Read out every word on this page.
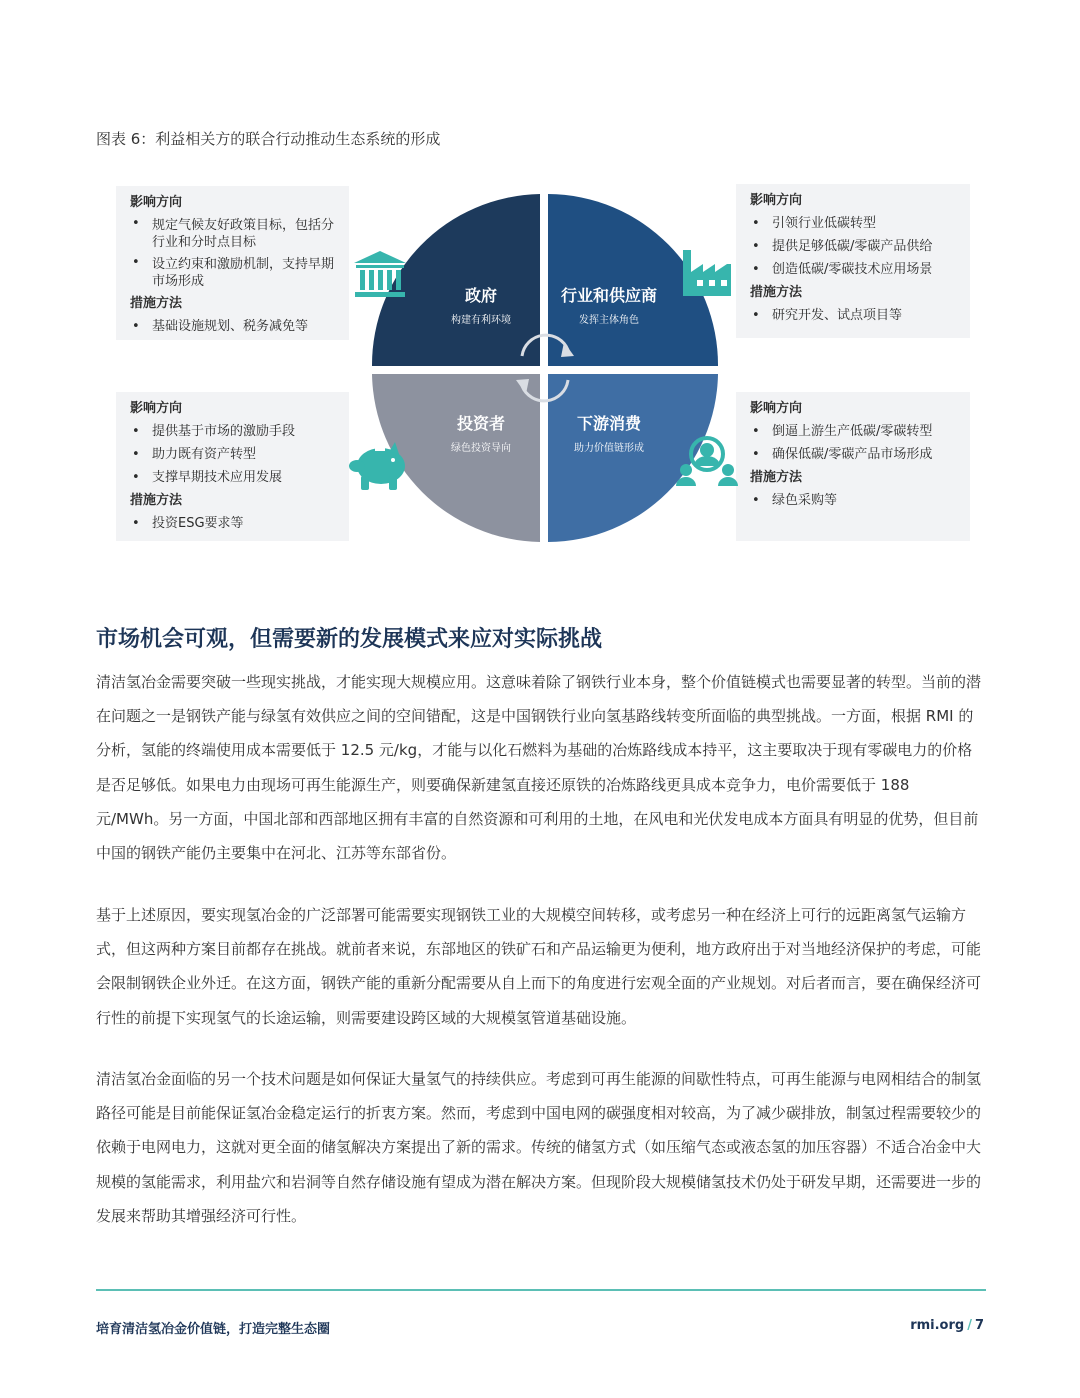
图表 6：利益相关方的联合行动推动生态系统的形成
影响方向
• 规定气候友好政策目标，包括分行业和分时点目标
• 设立约束和激励机制，支持早期市场形成
措施方法
• 基础设施规划、税务减免等
影响方向
• 引领行业低碳转型
• 提供足够低碳/零碳产品供给
• 创造低碳/零碳技术应用场景
措施方法
• 研究开发、试点项目等
影响方向
• 提供基于市场的激励手段
• 助力既有资产转型
• 支撑早期技术应用发展
措施方法
• 投资ESG要求等
影响方向
• 倒逼上游生产低碳/零碳转型
• 确保低碳/零碳产品市场形成
措施方法
• 绿色采购等
政府
构建有利环境
行业和供应商
发挥主体角色
投资者
绿色投资导向
下游消费
助力价值链形成
市场机会可观，但需要新的发展模式来应对实际挑战

清洁氢冶金需要突破一些现实挑战，才能实现大规模应用。这意味着除了钢铁行业本身，整个价值链模式也需要显著的转型。当前的潜在问题之一是钢铁产能与绿氢有效供应之间的空间错配，这是中国钢铁行业向氢基路线转变所面临的典型挑战。一方面，根据 RMI 的分析，氢能的终端使用成本需要低于 12.5 元/kg，才能与以化石燃料为基础的冶炼路线成本持平，这主要取决于现有零碳电力的价格是否足够低。如果电力由现场可再生能源生产，则要确保新建氢直接还原铁的冶炼路线更具成本竞争力，电价需要低于 188 元/MWh。另一方面，中国北部和西部地区拥有丰富的自然资源和可利用的土地，在风电和光伏发电成本方面具有明显的优势，但目前中国的钢铁产能仍主要集中在河北、江苏等东部省份。

基于上述原因，要实现氢冶金的广泛部署可能需要实现钢铁工业的大规模空间转移，或考虑另一种在经济上可行的远距离氢气运输方式，但这两种方案目前都存在挑战。就前者来说，东部地区的铁矿石和产品运输更为便利，地方政府出于对当地经济保护的考虑，可能会限制钢铁企业外迁。在这方面，钢铁产能的重新分配需要从自上而下的角度进行宏观全面的产业规划。对后者而言，要在确保经济可行性的前提下实现氢气的长途运输，则需要建设跨区域的大规模氢管道基础设施。

清洁氢冶金面临的另一个技术问题是如何保证大量氢气的持续供应。考虑到可再生能源的间歇性特点，可再生能源与电网相结合的制氢路径可能是目前能保证氢冶金稳定运行的折衷方案。然而，考虑到中国电网的碳强度相对较高，为了减少碳排放，制氢过程需要较少的依赖于电网电力，这就对更全面的储氢解决方案提出了新的需求。传统的储氢方式（如压缩气态或液态氢的加压容器）不适合冶金中大规模的氢能需求，利用盐穴和岩洞等自然存储设施有望成为潜在解决方案。但现阶段大规模储氢技术仍处于研发早期，还需要进一步的发展来帮助其增强经济可行性。

培育清洁氢冶金价值链，打造完整生态圈	rmi.org / 7
